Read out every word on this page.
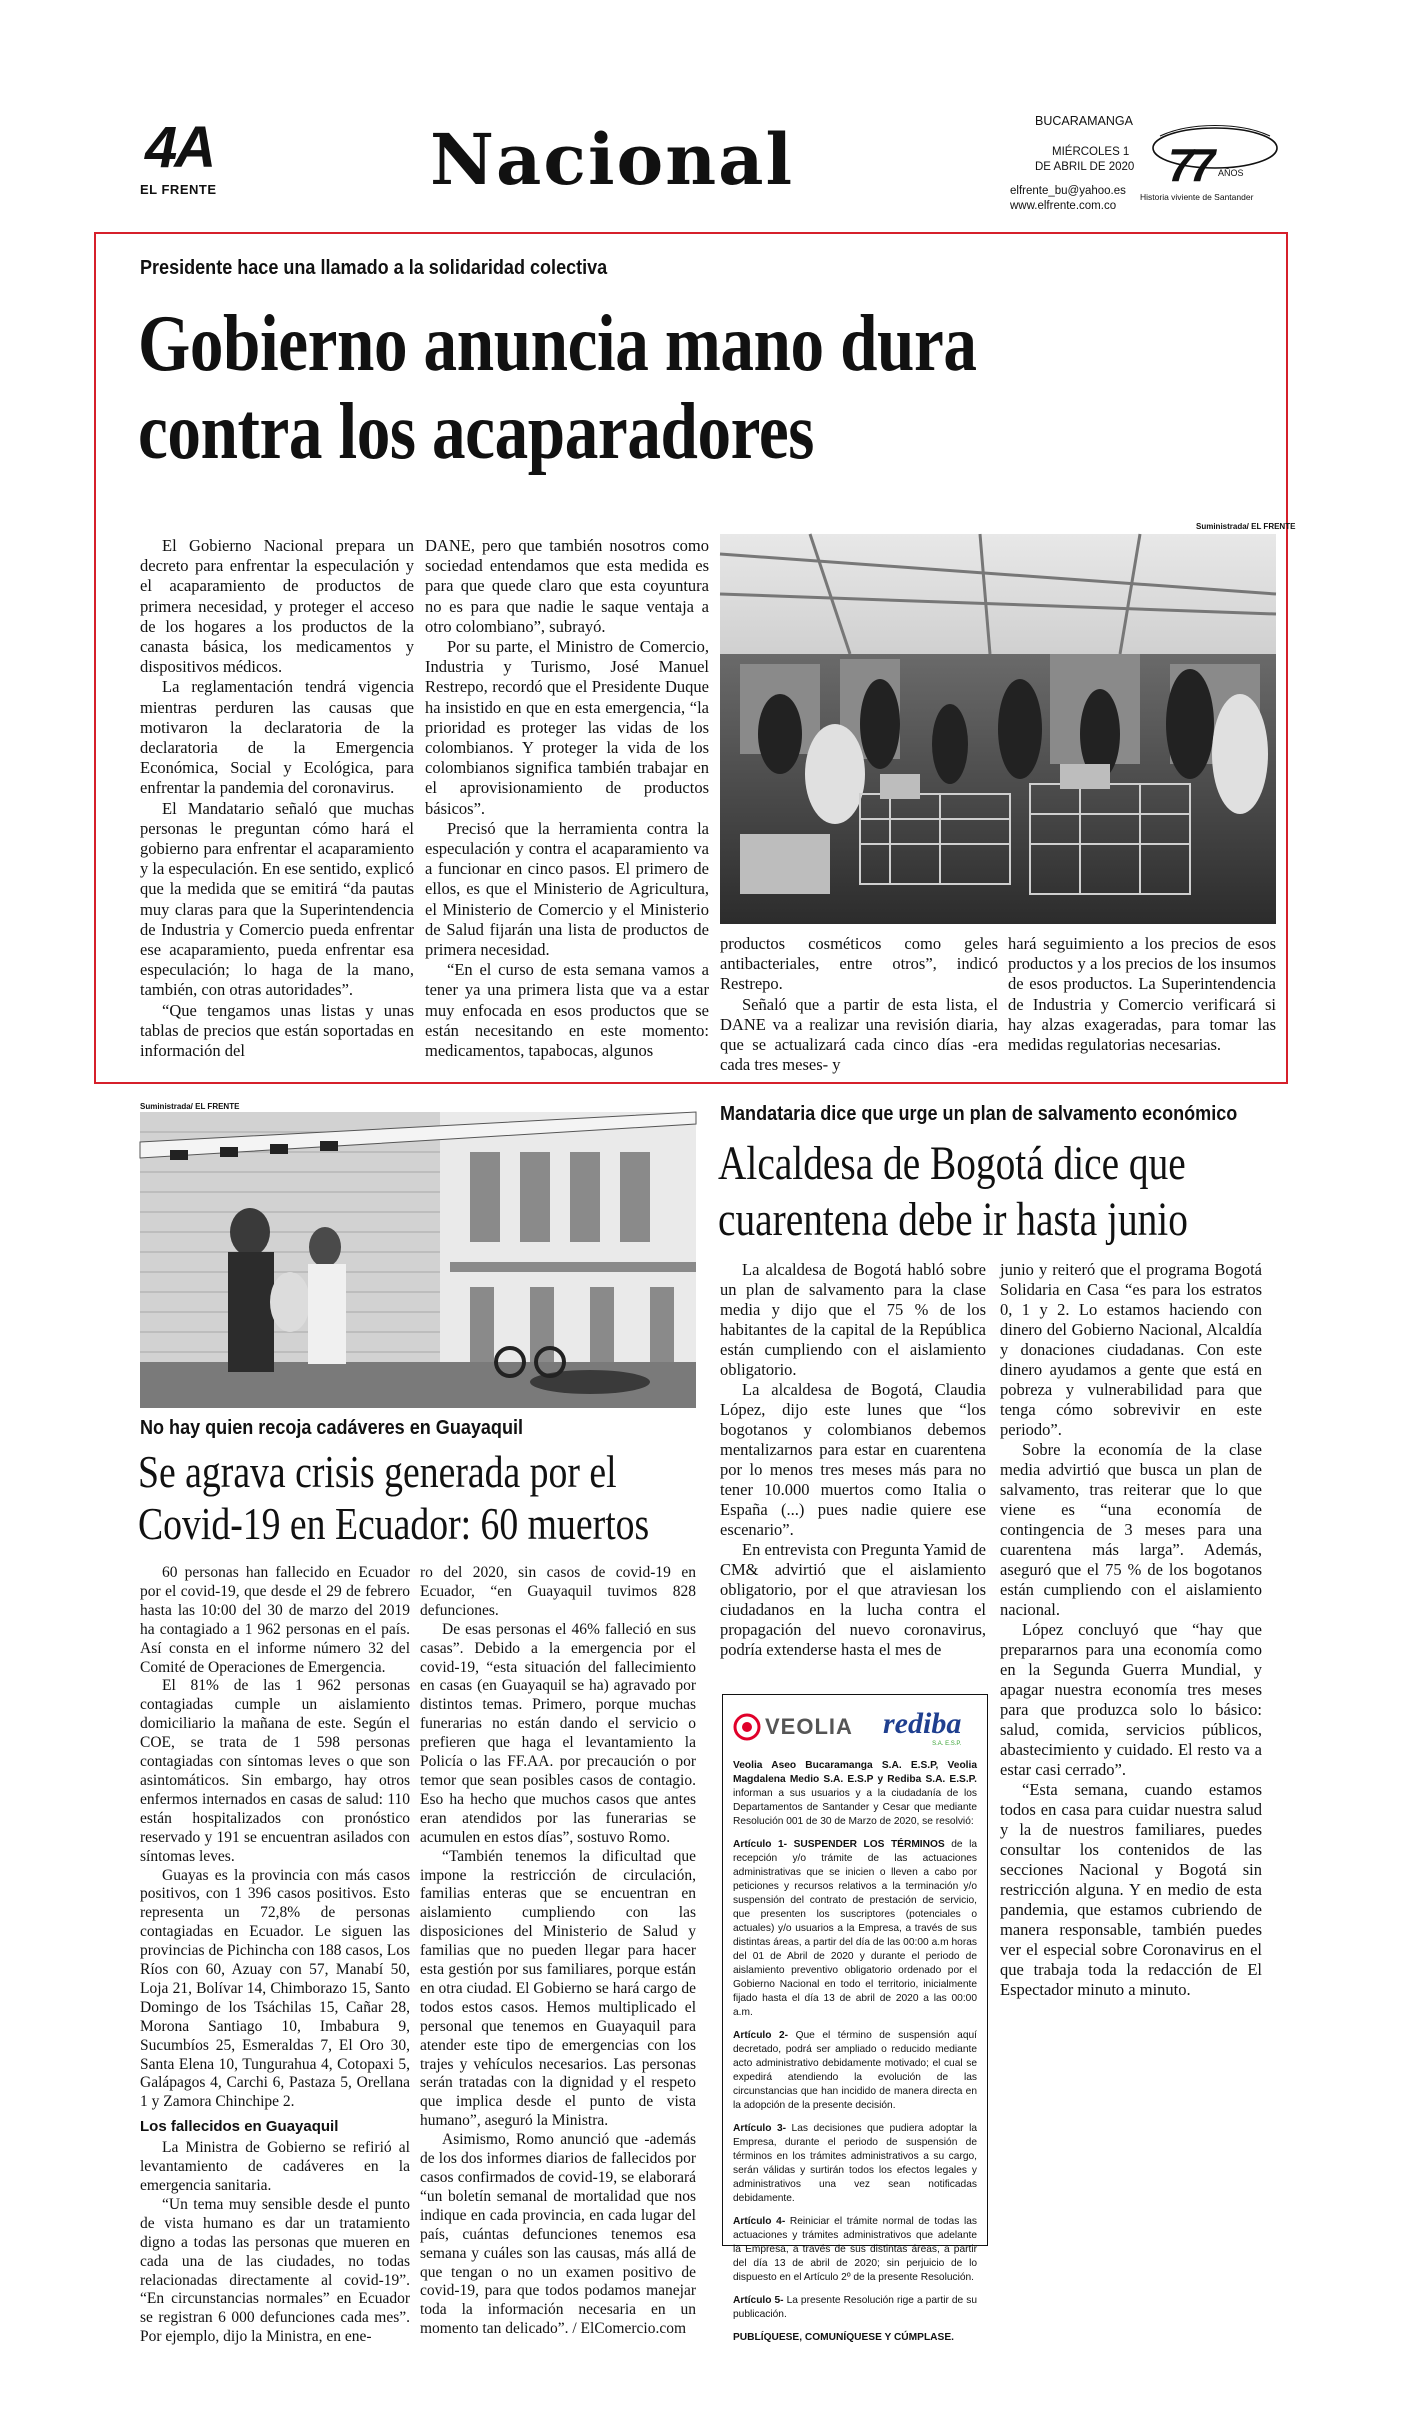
4A
EL FRENTE	Nacional	BUCARAMANGA
MIÉRCOLES 1
DE ABRIL DE 2020
elfrente_bu@yahoo.es
www.elfrente.com.co
77 AÑOS
Historia viviente de Santander
Presidente hace una llamado a la solidaridad colectiva
Gobierno anuncia mano dura
contra los acaparadores

El Gobierno Nacional prepara un decreto para enfrentar la especulación y el acaparamiento de productos de primera necesidad, y proteger el acceso de los hogares a los productos de la canasta básica, los medicamentos y dispositivos médicos.

La reglamentación tendrá vigencia mientras perduren las causas que motivaron la declaratoria de la declaratoria de la Emergencia Económica, Social y Ecológica, para enfrentar la pandemia del coronavirus.

El Mandatario señaló que muchas personas le preguntan cómo hará el gobierno para enfrentar el acaparamiento y la especulación. En ese sentido, explicó que la medida que se emitirá “da pautas muy claras para que la Superintendencia de Industria y Comercio pueda enfrentar ese acaparamiento, pueda enfrentar esa especulación; lo haga de la mano, también, con otras autoridades”.

“Que tengamos unas listas y unas tablas de precios que están soportadas en información del

DANE, pero que también nosotros como sociedad entendamos que esta medida es para que quede claro que esta coyuntura no es para que nadie le saque ventaja a otro colombiano”, subrayó.

Por su parte, el Ministro de Comercio, Industria y Turismo, José Manuel Restrepo, recordó que el Presidente Duque ha insistido en que en esta emergencia, “la prioridad es proteger las vidas de los colombianos. Y proteger la vida de los colombianos significa también trabajar en el aprovisionamiento de productos básicos”.

Precisó que la herramienta contra la especulación y contra el acaparamiento va a funcionar en cinco pasos. El primero de ellos, es que el Ministerio de Agricultura, el Ministerio de Comercio y el Ministerio de Salud fijarán una lista de productos de primera necesidad.

“En el curso de esta semana vamos a tener ya una primera lista que va a estar muy enfocada en esos productos que se están necesitando en este momento: medicamentos, tapabocas, algunos

Suministrada/ EL FRENTE

productos cosméticos como geles antibacteriales, entre otros”, indicó Restrepo.

Señaló que a partir de esta lista, el DANE va a realizar una revisión diaria, que se actualizará cada cinco días -era cada tres meses- y

hará seguimiento a los precios de esos productos y a los precios de los insumos de esos productos. La Superintendencia de Industria y Comercio verificará si hay alzas exageradas, para tomar las medidas regulatorias necesarias.

Suministrada/ EL FRENTE
No hay quien recoja cadáveres en Guayaquil
Se agrava crisis generada por el
Covid-19 en Ecuador: 60 muertos

60 personas han fallecido en Ecuador por el covid-19, que desde el 29 de febrero hasta las 10:00 del 30 de marzo del 2019 ha contagiado a 1 962 personas en el país. Así consta en el informe número 32 del Comité de Operaciones de Emergencia.

El 81% de las 1 962 personas contagiadas cumple un aislamiento domiciliario la mañana de este. Según el COE, se trata de 1 598 personas contagiadas con síntomas leves o que son asintomáticos. Sin embargo, hay otros enfermos internados en casas de salud: 110 están hospitalizados con pronóstico reservado y 191 se encuentran asilados con síntomas leves.

Guayas es la provincia con más casos positivos, con 1 396 casos positivos. Esto representa un 72,8% de personas contagiadas en Ecuador. Le siguen las provincias de Pichincha con 188 casos, Los Ríos con 60, Azuay con 57, Manabí 50, Loja 21, Bolívar 14, Chimborazo 15, Santo Domingo de los Tsáchilas 15, Cañar 28, Morona Santiago 10, Imbabura 9, Sucumbíos 25, Esmeraldas 7, El Oro 30, Santa Elena 10, Tungurahua 4, Cotopaxi 5, Galápagos 4, Carchi 6, Pastaza 5, Orellana 1 y Zamora Chinchipe 2.

Los fallecidos en Guayaquil

La Ministra de Gobierno se refirió al levantamiento de cadáveres en la emergencia sanitaria.

“Un tema muy sensible desde el punto de vista humano es dar un tratamiento digno a todas las personas que mueren en cada una de las ciudades, no todas relacionadas directamente al covid-19”. “En circunstancias normales” en Ecuador se registran 6 000 defunciones cada mes”. Por ejemplo, dijo la Ministra, en ene-

ro del 2020, sin casos de covid-19 en Ecuador, “en Guayaquil tuvimos 828 defunciones.

De esas personas el 46% falleció en sus casas”. Debido a la emergencia por el covid-19, “esta situación del fallecimiento en casas (en Guayaquil se ha) agravado por distintos temas. Primero, porque muchas funerarias no están dando el servicio o prefieren que haga el levantamiento la Policía o las FF.AA. por precaución o por temor que sean posibles casos de contagio. Eso ha hecho que muchos casos que antes eran atendidos por las funerarias se acumulen en estos días”, sostuvo Romo.

“También tenemos la dificultad que impone la restricción de circulación, familias enteras que se encuentran en aislamiento cumpliendo con las disposiciones del Ministerio de Salud y familias que no pueden llegar para hacer esta gestión por sus familiares, porque están en otra ciudad. El Gobierno se hará cargo de todos estos casos. Hemos multiplicado el personal que tenemos en Guayaquil para atender este tipo de emergencias con los trajes y vehículos necesarios. Las personas serán tratadas con la dignidad y el respeto que implica desde el punto de vista humano”, aseguró la Ministra.

Asimismo, Romo anunció que -además de los dos informes diarios de fallecidos por casos confirmados de covid-19, se elaborará “un boletín semanal de mortalidad que nos indique en cada provincia, en cada lugar del país, cuántas defunciones tenemos esa semana y cuáles son las causas, más allá de que tengan o no un examen positivo de covid-19, para que todos podamos manejar toda la información necesaria en un momento tan delicado”. / ElComercio.com

Mandataria dice que urge un plan de salvamento económico
Alcaldesa de Bogotá dice que
cuarentena debe ir hasta junio

La alcaldesa de Bogotá habló sobre un plan de salvamento para la clase media y dijo que el 75 % de los habitantes de la capital de la República están cumpliendo con el aislamiento obligatorio.

La alcaldesa de Bogotá, Claudia López, dijo este lunes que “los bogotanos y colombianos debemos mentalizarnos para estar en cuarentena por lo menos tres meses más para no tener 10.000 muertos como Italia o España (...) pues nadie quiere ese escenario”.

En entrevista con Pregunta Yamid de CM& advirtió que el aislamiento obligatorio, por el que atraviesan los ciudadanos en la lucha contra el propagación del nuevo coronavirus, podría extenderse hasta el mes de

junio y reiteró que el programa Bogotá Solidaria en Casa “es para los estratos 0, 1 y 2. Lo estamos haciendo con dinero del Gobierno Nacional, Alcaldía y donaciones ciudadanas. Con este dinero ayudamos a gente que está en pobreza y vulnerabilidad para que tenga cómo sobrevivir en este periodo”.

Sobre la economía de la clase media advirtió que busca un plan de salvamento, tras reiterar que lo que viene es “una economía de contingencia de 3 meses para una cuarentena más larga”. Además, aseguró que el 75 % de los bogotanos están cumpliendo con el aislamiento nacional.

López concluyó que “hay que prepararnos para una economía como en la Segunda Guerra Mundial, y apagar nuestra economía tres meses para que produzca solo lo básico: salud, comida, servicios públicos, abastecimiento y cuidado. El resto va a estar casi cerrado”.

“Esta semana, cuando estamos todos en casa para cuidar nuestra salud y la de nuestros familiares, puedes consultar los contenidos de las secciones Nacional y Bogotá sin restricción alguna. Y en medio de esta pandemia, que estamos cubriendo de manera responsable, también puedes ver el especial sobre Coronavirus en el que trabaja toda la redacción de El Espectador minuto a minuto.

VEOLIA rediba
S.A. E.S.P.

Veolia Aseo Bucaramanga S.A. E.S.P, Veolia Magdalena Medio S.A. E.S.P y Rediba S.A. E.S.P. informan a sus usuarios y a la ciudadanía de los Departamentos de Santander y Cesar que mediante Resolución 001 de 30 de Marzo de 2020, se resolvió:

Artículo 1- SUSPENDER LOS TÉRMINOS de la recepción y/o trámite de las actuaciones administrativas que se inicien o lleven a cabo por peticiones y recursos relativos a la terminación y/o suspensión del contrato de prestación de servicio, que presenten los suscriptores (potenciales o actuales) y/o usuarios a la Empresa, a través de sus distintas áreas, a partir del día de las 00:00 a.m horas del 01 de Abril de 2020 y durante el periodo de aislamiento preventivo obligatorio ordenado por el Gobierno Nacional en todo el territorio, inicialmente fijado hasta el día 13 de abril de 2020 a las 00:00 a.m.

Artículo 2- Que el término de suspensión aquí decretado, podrá ser ampliado o reducido mediante acto administrativo debidamente motivado; el cual se expedirá atendiendo la evolución de las circunstancias que han incidido de manera directa en la adopción de la presente decisión.

Artículo 3- Las decisiones que pudiera adoptar la Empresa, durante el periodo de suspensión de términos en los trámites administrativos a su cargo, serán válidas y surtirán todos los efectos legales y administrativos una vez sean notificadas debidamente.

Artículo 4- Reiniciar el trámite normal de todas las actuaciones y trámites administrativos que adelante la Empresa, a través de sus distintas áreas, a partir del día 13 de abril de 2020; sin perjuicio de lo dispuesto en el Artículo 2º de la presente Resolución.

Artículo 5- La presente Resolución rige a partir de su publicación.

PUBLÍQUESE, COMUNÍQUESE Y CÚMPLASE.
